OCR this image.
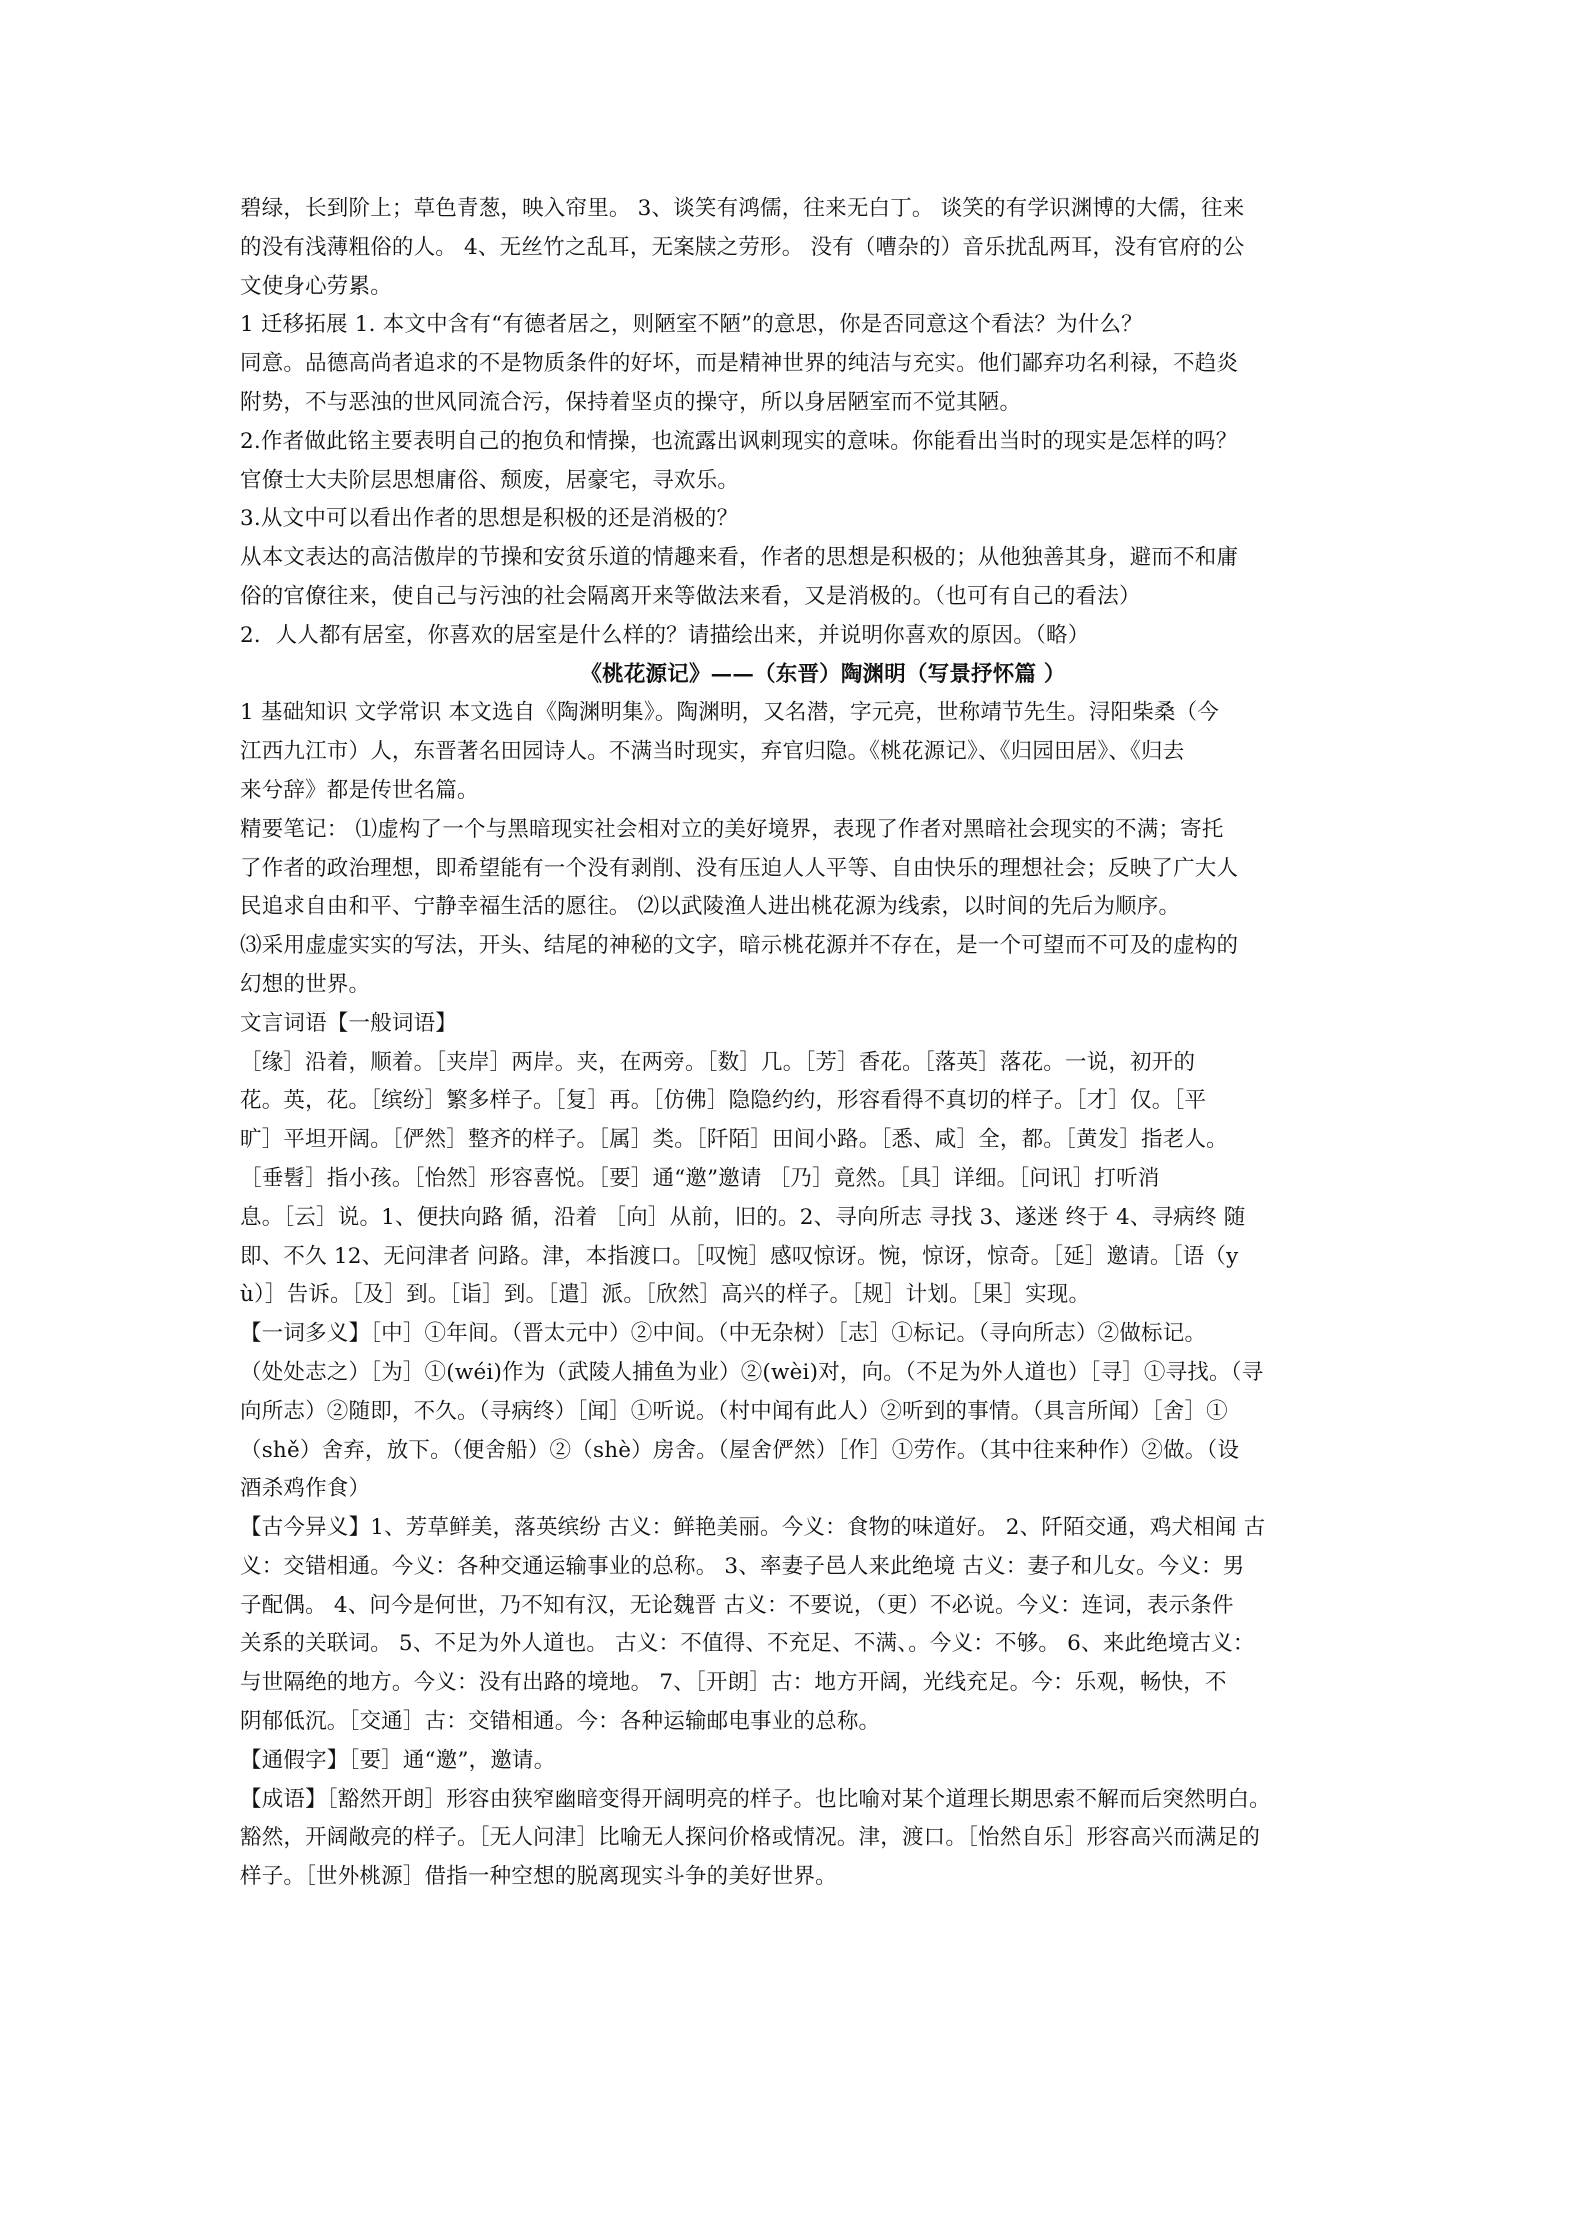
碧绿，长到阶上；草色青葱，映入帘里。 3、谈笑有鸿儒，往来无白丁。 谈笑的有学识渊博的大儒，往来
的没有浅薄粗俗的人。 4、无丝竹之乱耳，无案牍之劳形。 没有（嘈杂的）音乐扰乱两耳，没有官府的公
文使身心劳累。
1 迁移拓展 1. 本文中含有“有德者居之，则陋室不陋”的意思，你是否同意这个看法？为什么？
同意。品德高尚者追求的不是物质条件的好坏，而是精神世界的纯洁与充实。他们鄙弃功名利禄，不趋炎
附势，不与恶浊的世风同流合污，保持着坚贞的操守，所以身居陋室而不觉其陋。
2.作者做此铭主要表明自己的抱负和情操，也流露出讽刺现实的意味。你能看出当时的现实是怎样的吗？
官僚士大夫阶层思想庸俗、颓废，居豪宅，寻欢乐。
3.从文中可以看出作者的思想是积极的还是消极的？
从本文表达的高洁傲岸的节操和安贫乐道的情趣来看，作者的思想是积极的；从他独善其身，避而不和庸
俗的官僚往来，使自己与污浊的社会隔离开来等做法来看，又是消极的。（也可有自己的看法）
2．人人都有居室，你喜欢的居室是什么样的？请描绘出来，并说明你喜欢的原因。（略）
《桃花源记》——（东晋）陶渊明（写景抒怀篇 ）
1 基础知识 文学常识 本文选自《陶渊明集》。陶渊明，又名潜，字元亮，世称靖节先生。浔阳柴桑（今
江西九江市）人，东晋著名田园诗人。不满当时现实，弃官归隐。《桃花源记》、《归园田居》、《归去
来兮辞》都是传世名篇。
精要笔记： ⑴虚构了一个与黑暗现实社会相对立的美好境界，表现了作者对黑暗社会现实的不满；寄托
了作者的政治理想，即希望能有一个没有剥削、没有压迫人人平等、自由快乐的理想社会；反映了广大人
民追求自由和平、宁静幸福生活的愿往。 ⑵以武陵渔人进出桃花源为线索，以时间的先后为顺序。
⑶采用虚虚实实的写法，开头、结尾的神秘的文字，暗示桃花源并不存在，是一个可望而不可及的虚构的
幻想的世界。
文言词语【一般词语】
［缘］沿着，顺着。［夹岸］两岸。夹，在两旁。［数］几。［芳］香花。［落英］落花。一说，初开的
花。英，花。［缤纷］繁多样子。［复］再。［仿佛］隐隐约约，形容看得不真切的样子。［才］仅。［平
旷］平坦开阔。［俨然］整齐的样子。［属］类。［阡陌］田间小路。［悉、咸］全，都。［黄发］指老人。
［垂髫］指小孩。［怡然］形容喜悦。［要］通“邀”邀请 ［乃］竟然。［具］详细。［问讯］打听消
息。［云］说。1、便扶向路 循，沿着 ［向］从前，旧的。2、寻向所志 寻找 3、遂迷 终于 4、寻病终 随
即、不久 12、无问津者 问路。津，本指渡口。［叹惋］感叹惊讶。惋，惊讶，惊奇。［延］邀请。［语（y
ù）］告诉。［及］到。［诣］到。［遣］派。［欣然］高兴的样子。［规］计划。［果］实现。
【一词多义】［中］①年间。（晋太元中）②中间。（中无杂树）［志］①标记。（寻向所志）②做标记。
（处处志之）［为］①(wéi)作为（武陵人捕鱼为业）②(wèi)对，向。（不足为外人道也）［寻］①寻找。（寻
向所志）②随即，不久。（寻病终）［闻］①听说。（村中闻有此人）②听到的事情。（具言所闻）［舍］①
（shě）舍弃，放下。（便舍船）②（shè）房舍。（屋舍俨然）［作］①劳作。（其中往来种作）②做。（设
酒杀鸡作食）
【古今异义】1、芳草鲜美，落英缤纷 古义：鲜艳美丽。今义：食物的味道好。 2、阡陌交通，鸡犬相闻 古
义：交错相通。今义：各种交通运输事业的总称。 3、率妻子邑人来此绝境 古义：妻子和儿女。今义：男
子配偶。 4、问今是何世，乃不知有汉，无论魏晋 古义：不要说，（更）不必说。今义：连词，表示条件
关系的关联词。 5、不足为外人道也。 古义：不值得、不充足、不满、。今义：不够。 6、来此绝境古义：
与世隔绝的地方。今义：没有出路的境地。 7、［开朗］古：地方开阔，光线充足。今：乐观，畅快，不
阴郁低沉。［交通］古：交错相通。今：各种运输邮电事业的总称。
【通假字】［要］通“邀”，邀请。
【成语】［豁然开朗］形容由狭窄幽暗变得开阔明亮的样子。也比喻对某个道理长期思索不解而后突然明白。
豁然，开阔敞亮的样子。［无人问津］比喻无人探问价格或情况。津，渡口。［怡然自乐］形容高兴而满足的
样子。［世外桃源］借指一种空想的脱离现实斗争的美好世界。
